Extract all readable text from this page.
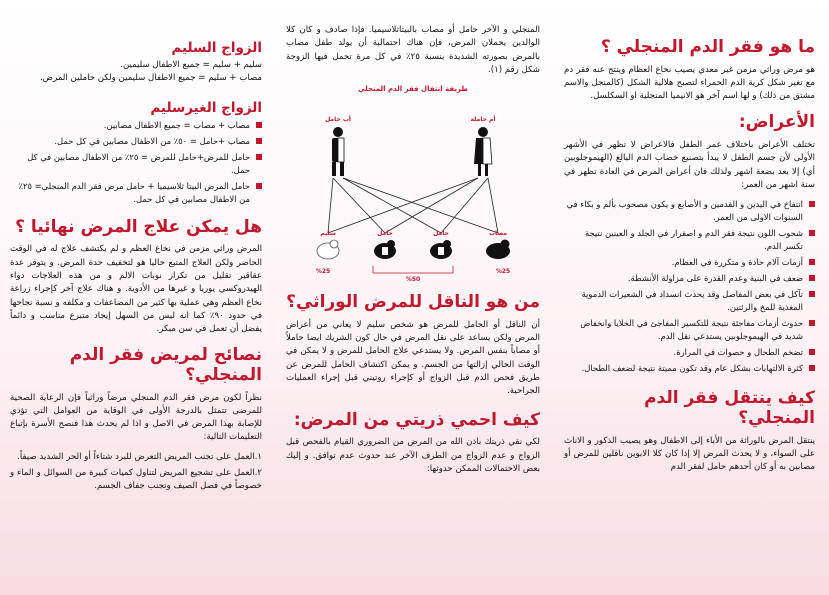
ما هو فقر الدم المنجلي ؟

هو مرض وراثي مزمن غير معدي يصيب نخاع العظام وينتج عنه فقر دم مع تغير شكل كرية الدم الحمراء لتصبح هلالية الشكل (كالمنجل والاسم مشتق من ذلك) و لها اسم آخر هو الانيميا المنجلية او السكلسل.

الأعراض:

تختلف الأعراض باختلاف عمر الطفل فالاعراض لا تظهر في الأشهر الأولى لأن جسم الطفل لا يبدأ بتصنيع خضاب الدم البالغ (الهيموجلوبين أي) إلا بعد بضعة اشهر ولذلك فان أعراض المرض في العادة تظهر في سنة اشهر من العمر:

انتفاخ في اليدين و القدمين و الأصابع و يكون مصحوب بألم و بكاء في السنوات الاولى من العمر.
شحوب اللون نتيجة فقر الدم و اصفرار في الجلد و العينين نتيجة تكسر الدم.
أزمات آلام حادة و متكررة في العظام.
ضعف في البنية وعدم القدرة على مزاولة الأنشطة.
تآكل في بعض المفاصل وقد يحدث انسداد في الشعيرات الدموية المغذية للمخ والرئتين.
حدوث أزمات مفاجئة نتيجة للتكسير المفاجئ في الخلايا وانخفاض شديد في الهيموجلوبين يستدعي نقل الدم.
تضخم الطحال و حصوات في المرارة.
كثرة الالتهابات بشكل عام وقد تكون مميتة نتيجة لضعف الطحال.
كيف ينتقل فقر الدم المنجلي؟

ينتقل المرض بالوراثة من الأباء إلى الاطفال وهو يصيب الذكور و الاناث على السواء، و لا يحدث المرض إلا إذا كان كلا الابوين ناقلين للمرض أو مصابين به أو كان أحدهم حامل لفقر الدم

المنجلي و الآخر حامل أو مصاب بالبيتاثلاسيميا. فإذا صادف و كان كلا الوالدين يحملان المرض، فإن هناك احتمالية أن يولد طفل مصاب بالمرض بصورته الشديدة بنسبة ٢٥٪ في كل مرة تحمل فيها الزوجة شكل رقم (١).

طريقة انتقال فقر الدم المنجلي
أب حامل	أم حاملة
سليم	حامل	حامل	مصاب
%25
%50
%25
من هو الناقل للمرض الوراثي؟

أن الناقل أو الحامل للمرض هو شخص سليم لا يعاني من أعراض المرض ولكن يساعد على نقل المرض في حال كون الشريك ايضا حاملاً أو مصاباً بنفس المرض. ولا يستدعي علاج الحامل للمرض و لا يمكن في الوقت الحالي إزالتها من الجسم. و يمكن اكتشاف الحامل للمرض عن طريق فحص الدم قبل الزواج أو كإجراء روتيني قبل إجراء العمليات الجراحية.

كيف احمي ذريتي من المرض:

لكي نقي ذريتك باذن الله من المرض من الضروري القيام بالفحص قبل الزواج و عدم الزواج من الطرف الآخر عند حدوث عدم توافق. و إليك بعض الاحتمالات الممكن حدوثها:

الزواج السليم

سليم + سليم = جميع الاطفال سليمين.

مصاب + سليم = جميع الاطفال سليمين ولكن حاملين المرض.

الزواج الغيرسليم
مصاب + مصاب = جميع الاطفال مصابين.
مصاب +حامل = ٥٠٪ من الاطفال مصابين في كل حمل.
حامل للمرض+حامل للمرض = ٢٥٪ من الاطفال مصابين في كل حمل.
حامل المرض البيتا ثلاسيميا + حامل مرض فقر الدم المنجلي= ٢٥٪ من الاطفال مصابين في كل حمل.
هل يمكن علاج المرض نهائيا ؟

المرض وراثي مزمن في نخاع العظم و لم يكتشف علاج له في الوقت الحاضر ولكن العلاج المتبع حاليا هو لتخفيف حدة المرض. و يتوفر عدة عقاقير تقليل من تكرار نوبات الالم و من هذه العلاجات دواء الهيدروكسي يوريا و غيرها من الأدوية. و هناك علاج آخر كإجراء زراعة نخاع العظم وهي عملية بها كثير من المضاعفات و مكلفه و نسبة نجاحها في حدود ٩٠٪ كما انه ليس من السهل إيجاد متبرع مناسب و دائماً يفضل أن تعمل في سن مبكر.

نصائح لمريض فقر الدم المنجلي؟

نظراً لكون مرض فقر الدم المنجلي مرضاً وراثياً فإن الرعاية الصحية للمرضى تتمثل بالدرجة الأولى في الوقاية من العوامل التي تؤدي للإصابة بهذا المرض في الاصل و اذا لم يحدث هذا فنصح الأسرة بإتباع التعليمات التالية:

١.العمل على تجنب المريض التعرض للبرد شتاءاً أو الحر الشديد صيفاً.

٢.العمل على تشجيع المريض لتناول كميات كبيرة من السوائل و الماء و خصوصاً في فصل الصيف وتجنب جفاف الجسم.
